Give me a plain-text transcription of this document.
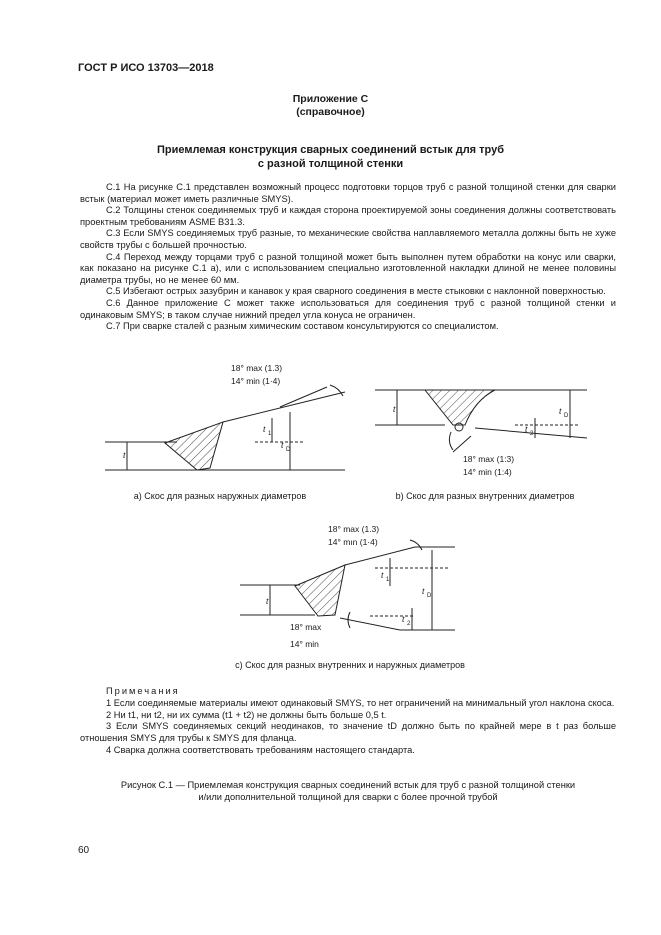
ГОСТ Р ИСО 13703—2018
Приложение С
(справочное)
Приемлемая конструкция сварных соединений встык для труб
с разной толщиной стенки

С.1 На рисунке С.1 представлен возможный процесс подготовки торцов труб с разной толщиной стенки для сварки встык (материал может иметь различные SMYS).

С.2 Толщины стенок соединяемых труб и каждая сторона проектируемой зоны соединения должны соответствовать проектным требованиям ASME В31.3.

С.3 Если SMYS соединяемых труб разные, то механические свойства наплавляемого металла должны быть не хуже свойств трубы с большей прочностью.

С.4 Переход между торцами труб с разной толщиной может быть выполнен путем обработки на конус или сварки, как показано на рисунке С.1 а), или с использованием специально изготовленной накладки длиной не менее половины диаметра трубы, но не менее 60 мм.

С.5 Избегают острых зазубрин и канавок у края сварного соединения в месте стыковки с наклонной поверхностью.

С.6 Данное приложение С может также использоваться для соединения труб с разной толщиной стенки и одинаковым SMYS; в таком случае нижний предел угла конуса не ограничен.

С.7 При сварке сталей с разным химическим составом консультируются со специалистом.

18° max (1.3)
14° min (1·4)
t
t 1
t D
а) Скос для разных наружных диаметров
t
t 2
t D
18° max (1:3)
14° min (1:4)
b) Скос для разных внутренних диаметров
18° max (1.3)
14° mın (1·4)
t
t 1
t 2
t D
18° max
14° min
с) Скос для разных внутренних и наружных диаметров

Примечания

1 Если соединяемые материалы имеют одинаковый SMYS, то нет ограничений на минимальный угол наклона скоса.

2 Ни t1, ни t2, ни их сумма (t1 + t2) не должны быть больше 0,5 t.

3 Если SMYS соединяемых секций неодинаков, то значение tD должно быть по крайней мере в t раз больше отношения SMYS для трубы к SMYS для фланца.

4 Сварка должна соответствовать требованиям настоящего стандарта.

Рисунок С.1 — Приемлемая конструкция сварных соединений встык для труб с разной толщиной стенки
и/или дополнительной толщиной для сварки с более прочной трубой
60
